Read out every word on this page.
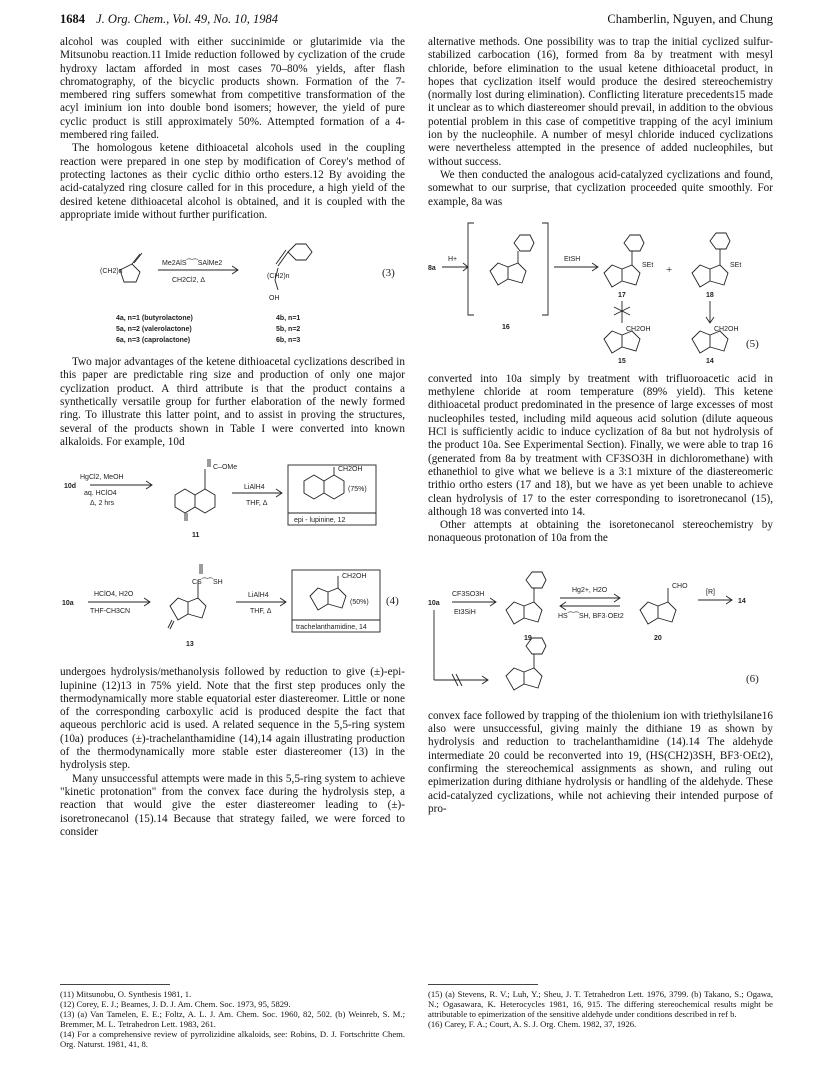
1684 J. Org. Chem., Vol. 49, No. 10, 1984	Chamberlin, Nguyen, and Chung

alcohol was coupled with either succinimide or glutarimide via the Mitsunobu reaction.11 Imide reduction followed by cyclization of the crude hydroxy lactam afforded in most cases 70–80% yields, after flash chromatography, of the bicyclic products shown. Formation of the 7-membered ring suffers somewhat from competitive transformation of the acyl iminium ion into double bond isomers; however, the yield of pure cyclic product is still approximately 50%. Attempted formation of a 4-membered ring failed.

The homologous ketene dithioacetal alcohols used in the coupling reaction were prepared in one step by modification of Corey's method of protecting lactones as their cyclic dithio ortho esters.12 By avoiding the acid-catalyzed ring closure called for in this procedure, a high yield of the desired ketene dithioacetal alcohol is obtained, and it is coupled with the appropriate imide without further purification.

(CH2)n
Me2AlS⁀⁀SAlMe2
CH2Cl2, Δ
(CH2)n
OH
(3)
4a, n=1 (butyrolactone)	4b, n=1
5a, n=2 (valerolactone)	5b, n=2
6a, n=3 (caprolactone)	6b, n=3

Two major advantages of the ketene dithioacetal cyclizations described in this paper are predictable ring size and production of only one major cyclization product. A third attribute is that the product contains a synthetically versatile group for further elaboration of the newly formed ring. To illustrate this latter point, and to assist in proving the structures, several of the products shown in Table I were converted into known alkaloids. For example, 10d

HgCl2, MeOH
aq. HClO4
Δ, 2 hrs
10d
C–OMe
11
LiAlH4
THF, Δ
CH2OH
(75%)
epi - lupinine, 12
10a
HClO4, H2O
THF-CH3CN
CS⁀⁀SH
13
LiAlH4
THF, Δ
CH2OH
(50%)
trachelanthamidine, 14
(4)

undergoes hydrolysis/methanolysis followed by reduction to give (±)-epi-lupinine (12)13 in 75% yield. Note that the first step produces only the thermodynamically more stable equatorial ester diastereomer. Little or none of the corresponding carboxylic acid is produced despite the fact that aqueous perchloric acid is used. A related sequence in the 5,5-ring system (10a) produces (±)-trachelanthamidine (14),14 again illustrating production of the thermodynamically more stable ester diastereomer (13) in the hydrolysis step.

Many unsuccessful attempts were made in this 5,5-ring system to achieve "kinetic protonation" from the convex face during the hydrolysis step, a reaction that would give the ester diastereomer leading to (±)-isoretronecanol (15).14 Because that strategy failed, we were forced to consider

alternative methods. One possibility was to trap the initial cyclized sulfur-stabilized carbocation (16), formed from 8a by treatment with mesyl chloride, before elimination to the usual ketene dithioacetal product, in hopes that cyclization itself would produce the desired stereochemistry (normally lost during elimination). Conflicting literature precedents15 made it unclear as to which diastereomer should prevail, in addition to the obvious potential problem in this case of competitive trapping of the acyl iminium ion by the nucleophile. A number of mesyl chloride induced cyclizations were nevertheless attempted in the presence of added nucleophiles, but without success.

We then conducted the analogous acid-catalyzed cyclizations and found, somewhat to our surprise, that cyclization proceeded quite smoothly. For example, 8a was

8a
H+	EtSH
16
SEt +	SEt
17	18
CH2OH	CH2OH
15	14
(5)

converted into 10a simply by treatment with trifluoroacetic acid in methylene chloride at room temperature (89% yield). This ketene dithioacetal product predominated in the presence of large excesses of most nucleophiles tested, including mild aqueous acid solution (dilute aqueous HCl is sufficiently acidic to induce cyclization of 8a but not hydrolysis of the product 10a. See Experimental Section). Finally, we were able to trap 16 (generated from 8a by treatment with CF3SO3H in dichloromethane) with ethanethiol to give what we believe is a 3:1 mixture of the diastereomeric trithio ortho esters (17 and 18), but we have as yet been unable to achieve clean hydrolysis of 17 to the ester corresponding to isoretronecanol (15), although 18 was converted into 14.

Other attempts at obtaining the isoretonecanol stereochemistry by nonaqueous protonation of 10a from the

10a
CF3SO3H
Et3SiH
19
Hg2+, H2O
HS⁀⁀SH, BF3·OEt2
CHO
20
[R]
14
(6)

convex face followed by trapping of the thiolenium ion with triethylsilane16 also were unsuccessful, giving mainly the dithiane 19 as shown by hydrolysis and reduction to trachelanthamidine (14).14 The aldehyde intermediate 20 could be reconverted into 19, (HS(CH2)3SH, BF3·OEt2), confirming the stereochemical assignments as shown, and ruling out epimerization during dithiane hydrolysis or handling of the aldehyde. These acid-catalyzed cyclizations, while not achieving their intended purpose of pro-

(11) Mitsunobu, O. Synthesis 1981, 1.
(12) Corey, E. J.; Beames, J. D. J. Am. Chem. Soc. 1973, 95, 5829.
(13) (a) Van Tamelen, E. E.; Foltz, A. L. J. Am. Chem. Soc. 1960, 82, 502. (b) Weinreb, S. M.; Bremmer, M. L. Tetrahedron Lett. 1983, 261.
(14) For a comprehensive review of pyrrolizidine alkaloids, see: Robins, D. J. Fortschritte Chem. Org. Naturst. 1981, 41, 8.
(15) (a) Stevens, R. V.; Luh, Y.; Sheu, J. T. Tetrahedron Lett. 1976, 3799. (b) Takano, S.; Ogawa, N.; Ogasawara, K. Heterocycles 1981, 16, 915. The differing stereochemical results might be attributable to epimerization of the sensitive aldehyde under conditions described in ref b.
(16) Carey, F. A.; Court, A. S. J. Org. Chem. 1982, 37, 1926.
